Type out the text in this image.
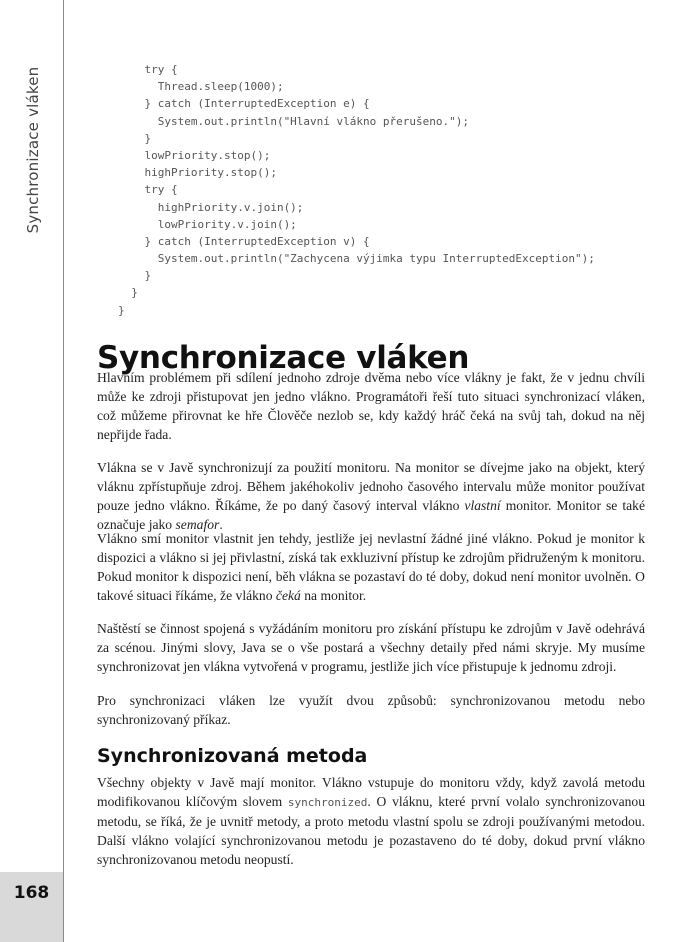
Synchronizace vláken
168
try {
Thread.sleep(1000);
} catch (InterruptedException e) {
System.out.println("Hlavní vlákno přerušeno.");
}
lowPriority.stop();
highPriority.stop();
try {
highPriority.v.join();
lowPriority.v.join();
} catch (InterruptedException v) {
System.out.println("Zachycena výjimka typu InterruptedException");
}
}
}
Synchronizace vláken

Hlavním problémem při sdílení jednoho zdroje dvěma nebo více vlákny je fakt, že v jednu chvíli může ke zdroji přistupovat jen jedno vlákno. Programátoři řeší tuto situaci synchronizací vláken, což můžeme přirovnat ke hře Člověče nezlob se, kdy každý hráč čeká na svůj tah, dokud na něj nepřijde řada.

Vlákna se v Javě synchronizují za použití monitoru. Na monitor se dívejme jako na objekt, který vláknu zpřístupňuje zdroj. Během jakéhokoliv jednoho časového intervalu může monitor používat pouze jedno vlákno. Říkáme, že po daný časový interval vlákno vlastní monitor. Monitor se také označuje jako semafor.

Vlákno smí monitor vlastnit jen tehdy, jestliže jej nevlastní žádné jiné vlákno. Pokud je monitor k dispozici a vlákno si jej přivlastní, získá tak exkluzivní přístup ke zdrojům přidruženým k monitoru. Pokud monitor k dispozici není, běh vlákna se pozastaví do té doby, dokud není monitor uvolněn. O takové situaci říkáme, že vlákno čeká na monitor.

Naštěstí se činnost spojená s vyžádáním monitoru pro získání přístupu ke zdrojům v Javě odehrává za scénou. Jinými slovy, Java se o vše postará a všechny detaily před námi skryje. My musíme synchronizovat jen vlákna vytvořená v programu, jestliže jich více přistupuje k jednomu zdroji.

Pro synchronizaci vláken lze využít dvou způsobů: synchronizovanou metodu nebo synchronizovaný příkaz.

Synchronizovaná metoda

Všechny objekty v Javě mají monitor. Vlákno vstupuje do monitoru vždy, když zavolá metodu modifikovanou klíčovým slovem synchronized. O vláknu, které první volalo synchronizovanou metodu, se říká, že je uvnitř metody, a proto metodu vlastní spolu se zdroji používanými metodou. Další vlákno volající synchronizovanou metodu je pozastaveno do té doby, dokud první vlákno synchronizovanou metodu neopustí.
